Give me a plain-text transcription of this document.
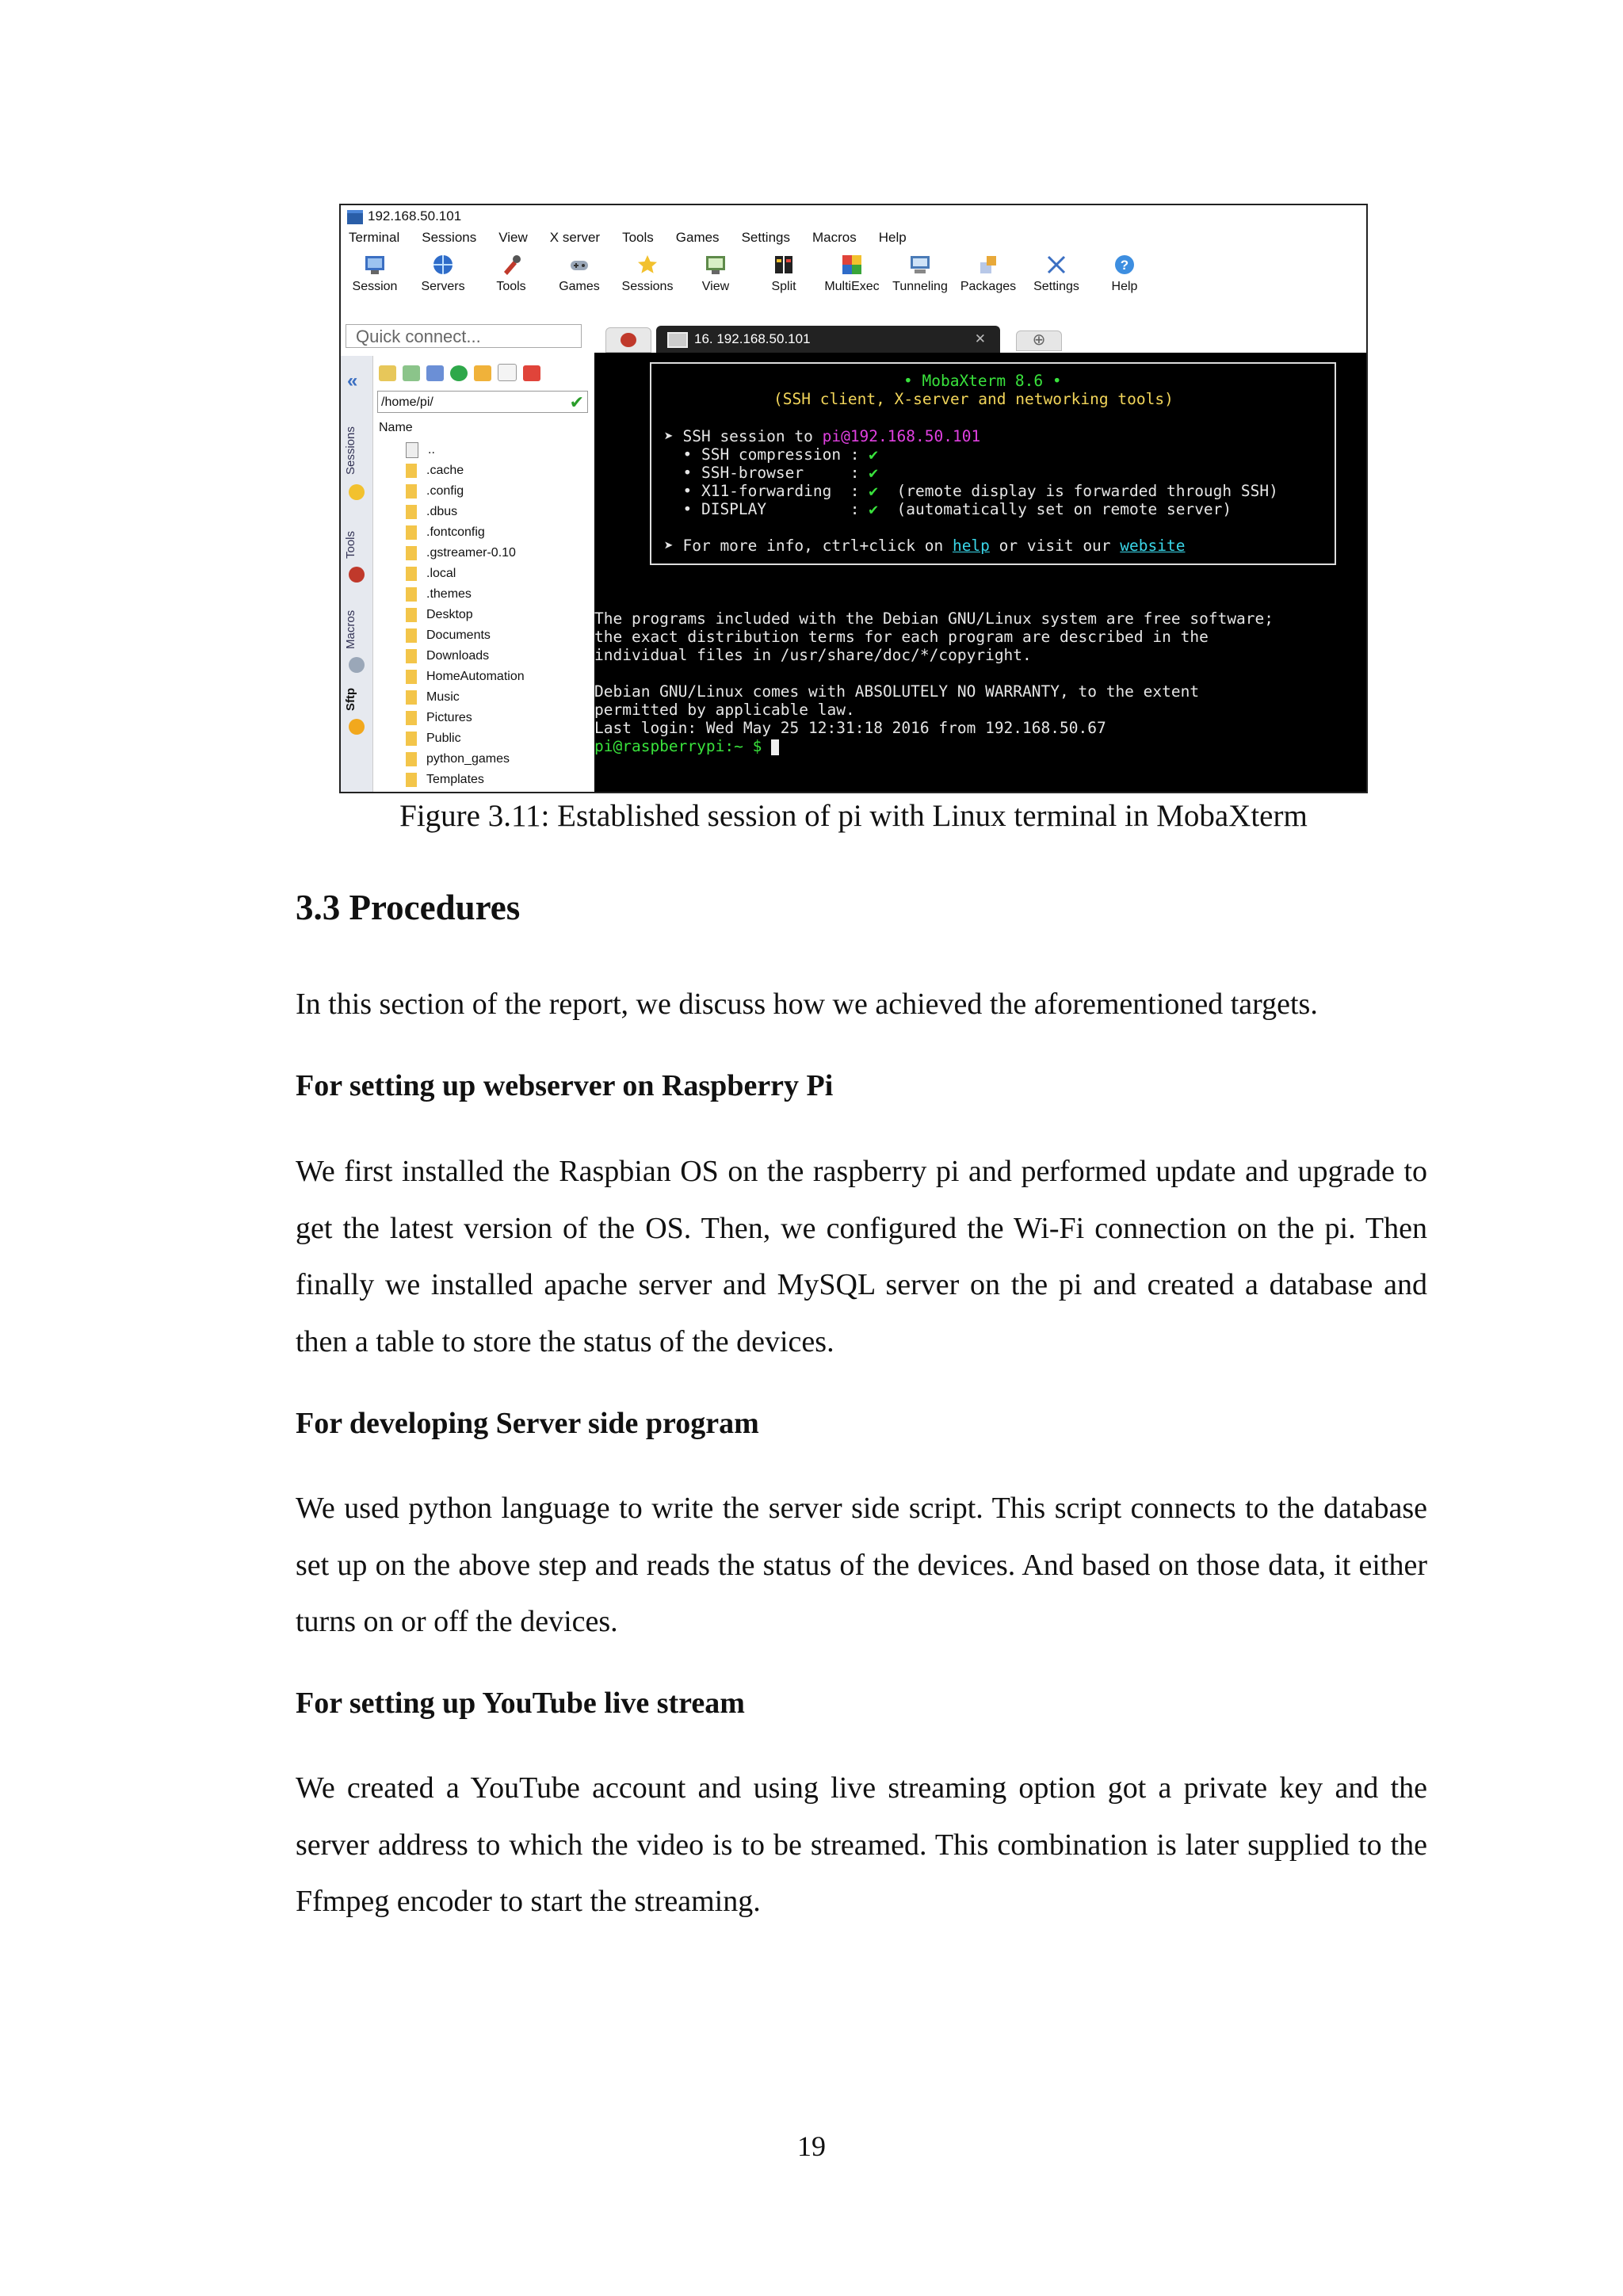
192.168.50.101
Terminal Sessions View X server Tools Games Settings Macros Help
Session	Servers	Tools	Games	Sessions	View	Split	MultiExec	Tunneling	Packages	Settings
?
Help
Quick connect...	16. 192.168.50.101	✕	⊕
«
Sessions
Tools
Macros
Sftp
/home/pi/	✔
Name
..
.cache
.config
.dbus
.fontconfig
.gstreamer-0.10
.local
.themes
Desktop
Documents
Downloads
HomeAutomation
Music
Pictures
Public
python_games
Templates
• MobaXterm 8.6 •
(SSH client, X-server and networking tools)
➤ SSH session to pi@192.168.50.101
• SSH compression : ✔
• SSH-browser     : ✔
• X11-forwarding  : ✔  (remote display is forwarded through SSH)
• DISPLAY         : ✔  (automatically set on remote server)
➤ For more info, ctrl+click on help or visit our website
The programs included with the Debian GNU/Linux system are free software;
the exact distribution terms for each program are described in the
individual files in /usr/share/doc/*/copyright.
Debian GNU/Linux comes with ABSOLUTELY NO WARRANTY, to the extent
permitted by applicable law.
Last login: Wed May 25 12:31:18 2016 from 192.168.50.67
pi@raspberrypi:~ $
Figure 3.11: Established session of pi with Linux terminal in MobaXterm
3.3 Procedures
In this section of the report, we discuss how we achieved the aforementioned targets.
For setting up webserver on Raspberry Pi
We first installed the Raspbian OS on the raspberry pi and performed update and upgrade to get the latest version of the OS. Then, we configured the Wi-Fi connection on the pi. Then finally we installed apache server and MySQL server on the pi and created a database and then a table to store the status of the devices.
For developing Server side program
We used python language to write the server side script. This script connects to the database set up on the above step and reads the status of the devices. And based on those data, it either turns on or off the devices.
For setting up YouTube live stream
We created a YouTube account and using live streaming option got a private key and the server address to which the video is to be streamed. This combination is later supplied to the Ffmpeg encoder to start the streaming.
19
